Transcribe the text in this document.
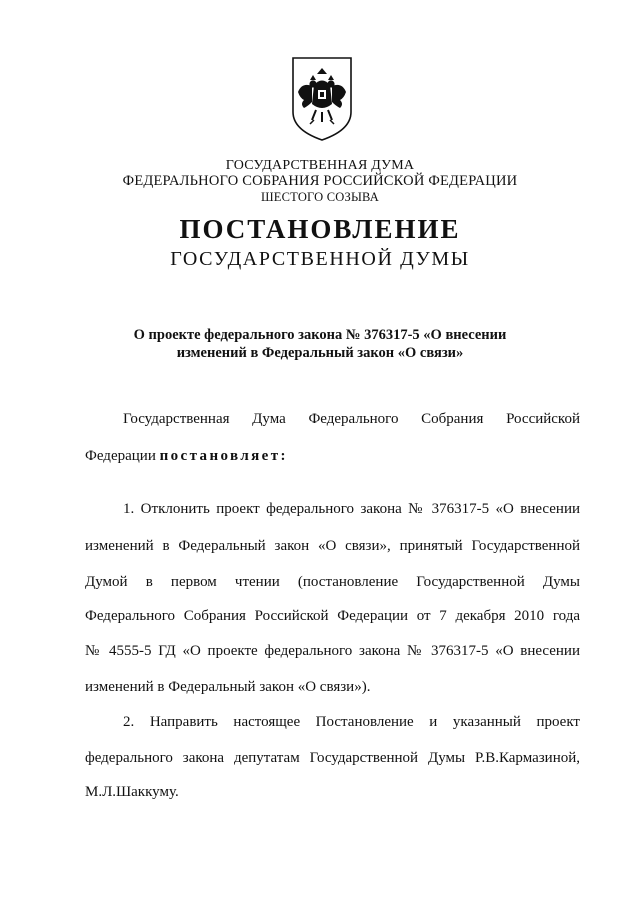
ГОСУДАРСТВЕННАЯ ДУМА
ФЕДЕРАЛЬНОГО СОБРАНИЯ РОССИЙСКОЙ ФЕДЕРАЦИИ
ШЕСТОГО СОЗЫВА
ПОСТАНОВЛЕНИЕ
ГОСУДАРСТВЕННОЙ ДУМЫ
О проекте федерального закона № 376317-5 «О внесении
изменений в Федеральный закон «О связи»
Государственная Дума Федерального Собрания Российской
Федерации постановляет:
1. Отклонить проект федерального закона № 376317-5 «О внесении
изменений в Федеральный закон «О связи», принятый Государственной
Думой в первом чтении (постановление Государственной Думы
Федерального Собрания Российской Федерации от 7 декабря 2010 года
№ 4555-5 ГД «О проекте федерального закона № 376317-5 «О внесении
изменений в Федеральный закон «О связи»).
2. Направить настоящее Постановление и указанный проект
федерального закона депутатам Государственной Думы Р.В.Кармазиной,
М.Л.Шаккуму.
